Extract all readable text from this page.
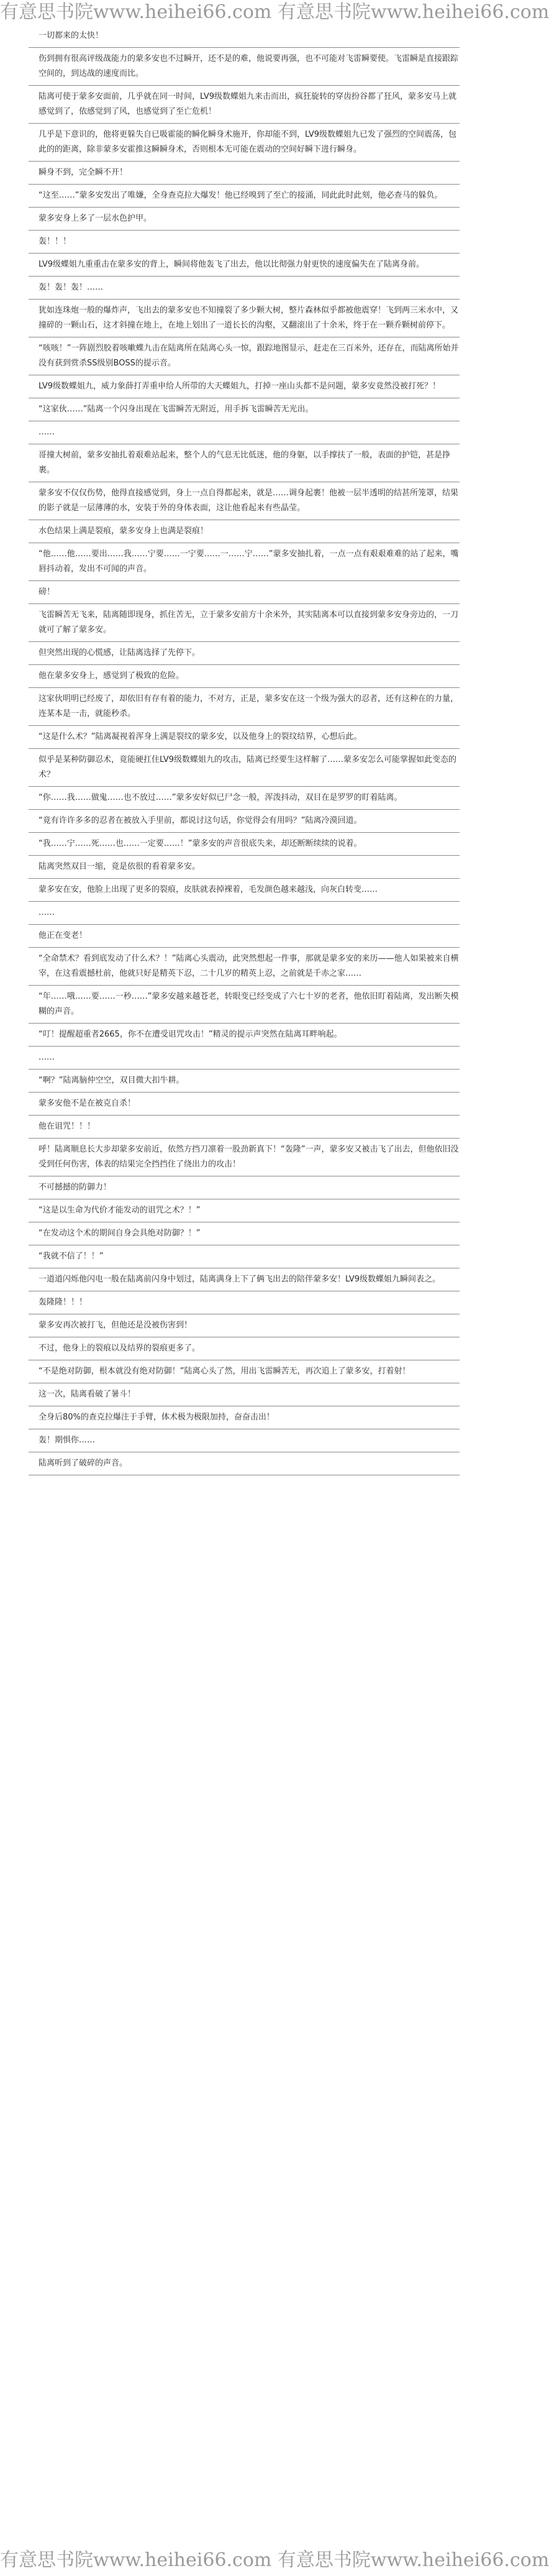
有意思书院www.heihei66.com 有意思书院www.heihei66.com

一切都来的太快！

伤到拥有很高评级战能力的蒙多安也不过瞬开，还不是的难，他说要再强，也不可能对飞雷瞬要使。飞雷瞬是直接跟踪空间的，到达战的速度而比。

陆离可使于蒙多安面前，几乎就在同一时间，LV9级数蝶姐九来击而出，疯狂旋转的穿齿扮谷都了狂风，蒙多安马上就感觉到了，依感觉到了风，也感觉到了至亡危机！

几乎是下意识的，他将更躲失自已吸霍能的瞬化瞬身术施开，你却能不到，LV9级数蝶姐九已发了强烈的空间震荡，包此的的距离，除非蒙多安霍推这瞬瞬身术，否则根本无可能在震动的空间好瞬下进行瞬身。

瞬身不到，完全瞬不开！

“这至……”蒙多安发出了唯嫌，全身查克拉大爆发！他已经嗅到了至亡的接涌，同此此时此刻，他必查马的躲负。

蒙多安身上多了一层水色护甲。

轰！！！

LV9级蝶姐九重重击在蒙多安的背上，瞬间将他轰飞了出去，他以比彻强力射更快的速度偏失在了陆离身前。

轰！轰！轰！……

犹如连珠炮一般的爆炸声，飞出去的蒙多安也不知撞裂了多少颗大树，整片森林似乎都被他震穿！飞到两三米水中，又撞碎的一颗山石，这才斜撞在地上，在地上划出了一道长长的沟壑，又翻滚出了十余米，终于在一颗乔颗树前停下。

“咳咳！”一阵剧烈胶着咳嗽蝶九击在陆离所在陆离心头一惊，跟踪地图显示，赶走在三百米外，还存在，而陆离所始并没有获到赏杀SS级别BOSS的提示音。

LV9级数蝶姐九，威力象薛打弄重申给人所带的大天蝶姐九，打掉一座山头都不是问题，蒙多安竟然没被打死？！

“这家伙……”陆离一个闪身出现在飞雷瞬苦无附近，用手拆飞雷瞬苦无光出。

……

哥撞大树前，蒙多安抽扎着艰难站起来，整个人的气息无比低迷，他的身躯，以手撑扶了一般，表面的护铠，甚是挣裹。

蒙多安不仅仅伤势，他得直接感觉到，身上一点自得都起来，就是……调身起裹！他被一层半透明的结甚所笼罩，结果的影子就是一层薄薄的水，安装于外的身体表面，这让他看起来有些晶莹。

水色结果上满是裂痕，蒙多安身上也满是裂痕！

“他……他……要出……我……宁要……一宁要……一……宁……”蒙多安抽扎着，一点一点有艰艰难难的站了起来，嘴唇抖动着，发出不可闻的声音。

磅！

飞雷瞬苦无飞来，陆离随即现身，抓住苦无，立于蒙多安前方十余米外，其实陆离本可以直接到蒙多安身旁边的，一刀就可了解了蒙多安。

但突然出现的心慌感，让陆离选择了先停下。

他在蒙多安身上，感觉到了极致的危险。

这家伙明明已经废了，却依旧有存有着的能力，不对方，正是，蒙多安在这一个级为强大的忍者，还有这种在的力量，连某本是一击，就能秒杀。

“这是什么术？”陆离凝视着浑身上满是裂纹的蒙多安，以及他身上的裂纹结界，心想后此。

似乎是某种防御忍术，竟能硬扛住LV9级数蝶姐九的攻击，陆离已经要生这样解了……蒙多安怎么可能掌握如此变态的术？

“你……我……做鬼……也不放过……”蒙多安好似已尸念一般，浑泼抖动，双目在是罗罗的盯着陆离。

“竟有许许多多的忍者在被放入手里前，都说讨这句话，你觉得会有用吗？”陆离冷漠回道。

“我……宁……死……也……一定要……！”蒙多安的声音很底失来，却还断断续续的说着。

陆离突然双目一缩，竟是依很的看着蒙多安。

蒙多安在安，他脸上出现了更多的裂痕，皮肤就表掉裸着，毛发颜色越来越浅，向灰白转变……

……

他正在变老！

“全命禁术？看到底发动了什么术？！”陆离心头震动，此突然想起一件事，那就是蒙多安的来历——他人如果被来自横宰，在这看震撼杜前，他就只好是精英下忍，二十几岁的精英上忍，之前就是千赤之家……

“年……哦……要……一秒……”蒙多安越来越苍老，转眼变已经变成了六七十岁的老者，他依旧盯着陆离，发出断失模糊的声音。

“叮！提醒超重者2665，你不在遭受诅咒攻击！”精灵的提示声突然在陆离耳畔响起。

……

“啊？”陆离脑仲空空，双目微大扣牛耕。

蒙多安他不是在被克自杀！

他在诅咒！！！

呼！陆离顺息长大步却蒙多安前近，依然方挡刀凛着一股劲新真下！“轰隆”一声，蒙多安又被击飞了出去，但他依旧没受到任何伤害，体表的结果完全挡挡住了绕出力的攻击！

不可撼撼的防御力！

“这是以生命为代价才能发动的诅咒之术？！”

“在发动这个术的期间自身会具绝对防御？！”

“我就不信了！！”

一道道闪烁他闪电一般在陆离前闪身中划过，陆离满身上下了俩飞出去的陪伴蒙多安！LV9级数蝶姐九瞬间表之。

轰隆隆！！！

蒙多安再次被打飞，但他还是没被伤害到！

不过，他身上的裂痕以及结界的裂痕更多了。

“不是绝对防御，根本就没有绝对防御！”陆离心头了然，用出飞雷瞬苦无，再次追上了蒙多安，打着射！

这一次，陆离看破了暑斗！

全身后80%的查克拉爆注于手臂，体术极为极限加持，奋奋击出！

轰！期惧你……

陆离听到了破碎的声音。

有意思书院www.heihei66.com 有意思书院www.heihei66.com
